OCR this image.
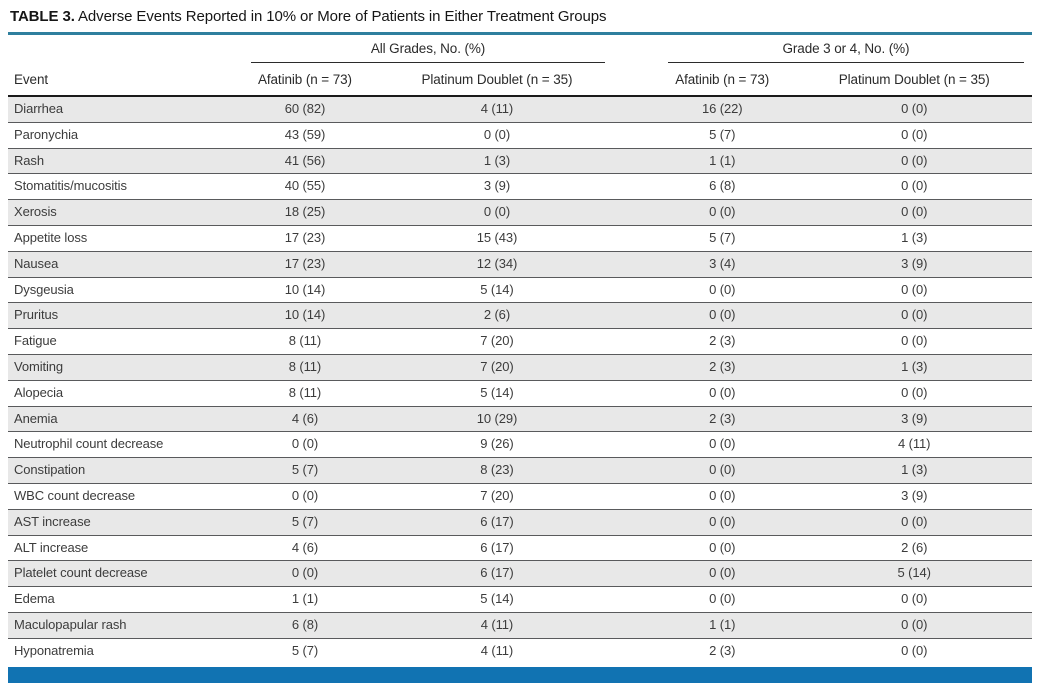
TABLE 3. Adverse Events Reported in 10% or More of Patients in Either Treatment Groups

	All Grades, No. (%)			Grade 3 or 4, No. (%)	

Event	Afatinib (n = 73)	Platinum Doublet (n = 35)		Afatinib (n = 73)	Platinum Doublet (n = 35)
Diarrhea	60 (82)	4 (11)		16 (22)	0 (0)
Paronychia	43 (59)	0 (0)		5 (7)	0 (0)
Rash	41 (56)	1 (3)		1 (1)	0 (0)
Stomatitis/mucositis	40 (55)	3 (9)		6 (8)	0 (0)
Xerosis	18 (25)	0 (0)		0 (0)	0 (0)
Appetite loss	17 (23)	15 (43)		5 (7)	1 (3)
Nausea	17 (23)	12 (34)		3 (4)	3 (9)
Dysgeusia	10 (14)	5 (14)		0 (0)	0 (0)
Pruritus	10 (14)	2 (6)		0 (0)	0 (0)
Fatigue	8 (11)	7 (20)		2 (3)	0 (0)
Vomiting	8 (11)	7 (20)		2 (3)	1 (3)
Alopecia	8 (11)	5 (14)		0 (0)	0 (0)
Anemia	4 (6)	10 (29)		2 (3)	3 (9)
Neutrophil count decrease	0 (0)	9 (26)		0 (0)	4 (11)
Constipation	5 (7)	8 (23)		0 (0)	1 (3)
WBC count decrease	0 (0)	7 (20)		0 (0)	3 (9)
AST increase	5 (7)	6 (17)		0 (0)	0 (0)
ALT increase	4 (6)	6 (17)		0 (0)	2 (6)
Platelet count decrease	0 (0)	6 (17)		0 (0)	5 (14)
Edema	1 (1)	5 (14)		0 (0)	0 (0)
Maculopapular rash	6 (8)	4 (11)		1 (1)	0 (0)
Hyponatremia	5 (7)	4 (11)		2 (3)	0 (0)
